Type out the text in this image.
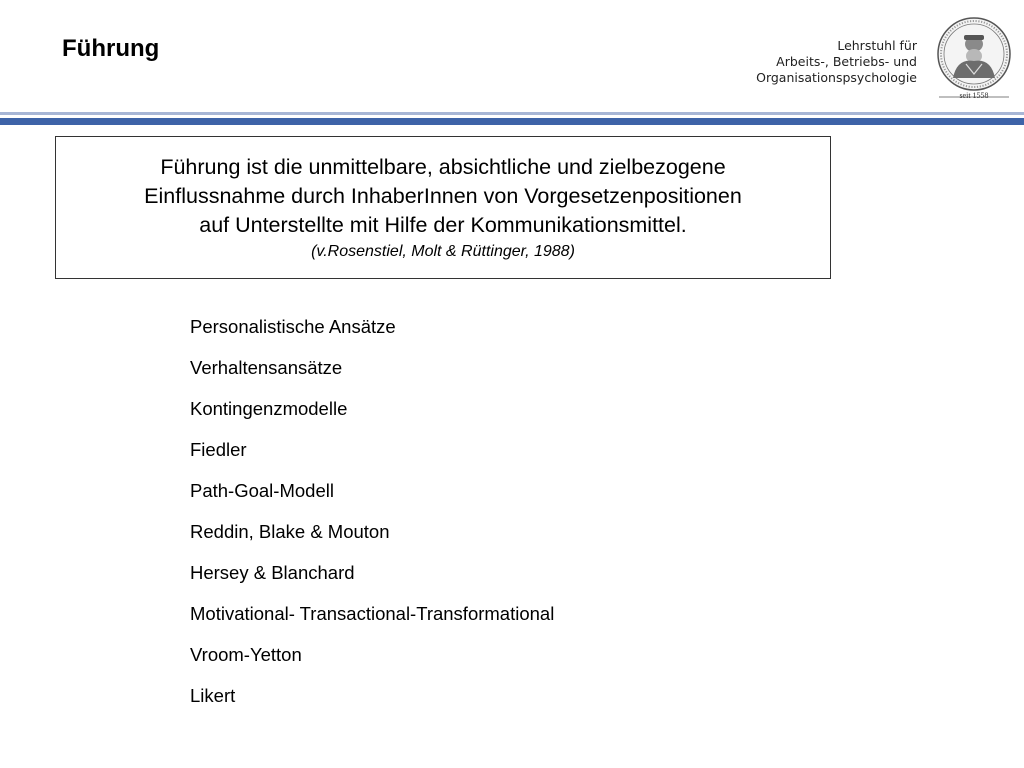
Führung	Lehrstuhl für
Arbeits-, Betriebs- und
Organisationspsychologie
seit 1558
Führung ist die unmittelbare, absichtliche und zielbezogene
Einflussnahme durch InhaberInnen von Vorgesetzenpositionen
auf Unterstellte mit Hilfe der Kommunikationsmittel.
(v.Rosenstiel, Molt & Rüttinger, 1988)
Personalistische Ansätze
Verhaltensansätze
Kontingenzmodelle
Fiedler
Path-Goal-Modell
Reddin, Blake & Mouton
Hersey & Blanchard
Motivational- Transactional-Transformational
Vroom-Yetton
Likert
